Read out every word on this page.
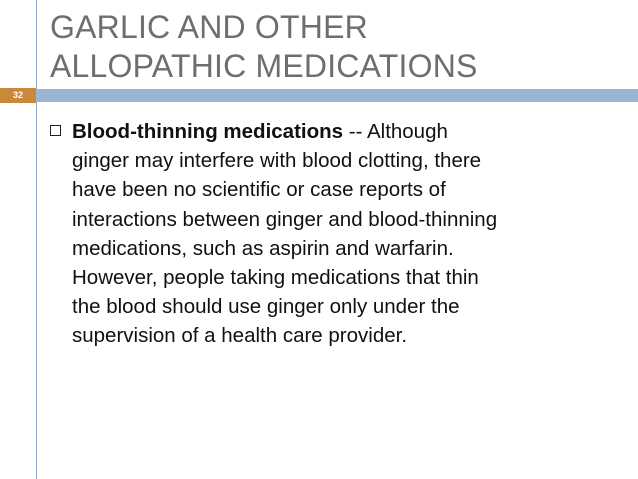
GARLIC AND OTHER
ALLOPATHIC MEDICATIONS
32
Blood-thinning medications -- Although
ginger may interfere with blood clotting, there
have been no scientific or case reports of
interactions between ginger and blood-thinning
medications, such as aspirin and warfarin.
However, people taking medications that thin
the blood should use ginger only under the
supervision of a health care provider.
